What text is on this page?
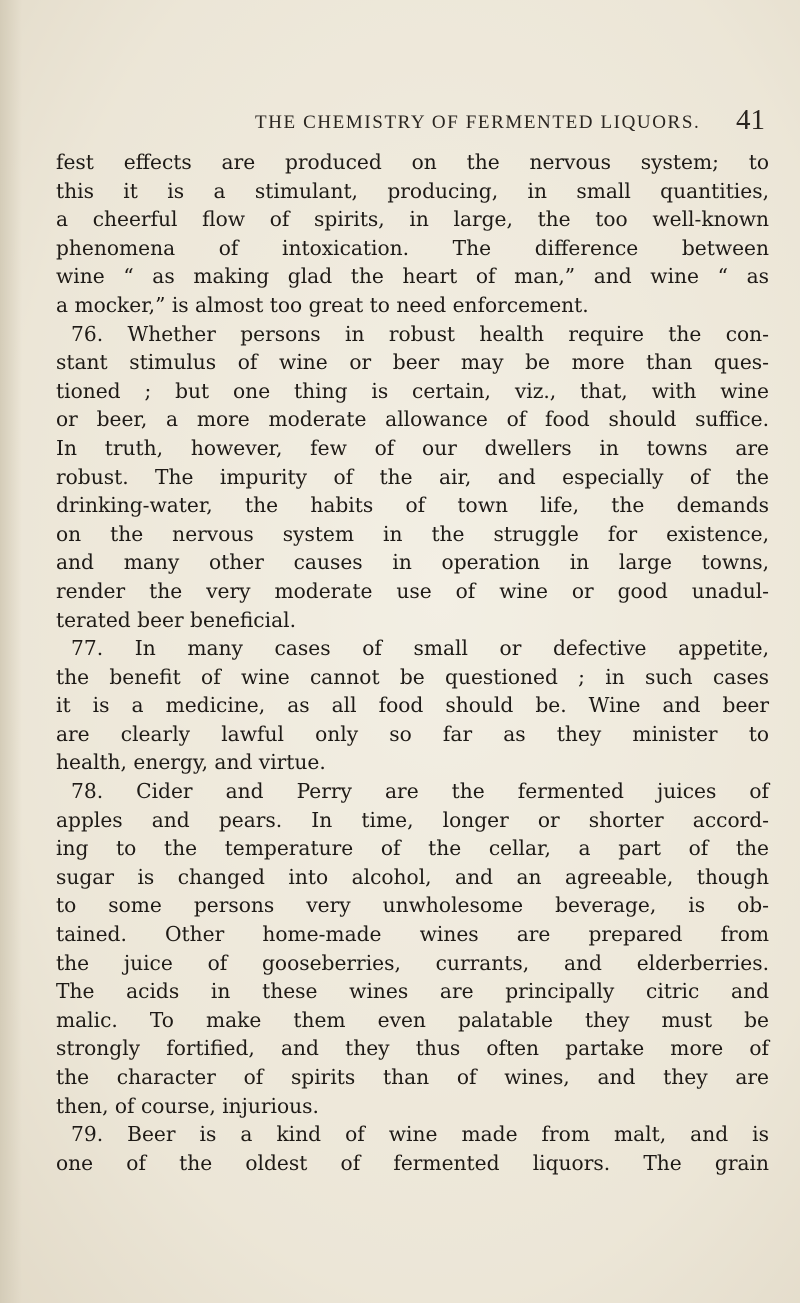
THE CHEMISTRY OF FERMENTED LIQUORS. 41
fest effects are produced on the nervous system; to
this it is a stimulant, producing, in small quantities,
a cheerful flow of spirits, in large, the too well-known
phenomena of intoxication. The difference between
wine “ as making glad the heart of man,” and wine “ as
a mocker,” is almost too great to need enforcement.
76. Whether persons in robust health require the con-
stant stimulus of wine or beer may be more than ques-
tioned ; but one thing is certain, viz., that, with wine
or beer, a more moderate allowance of food should suffice.
In truth, however, few of our dwellers in towns are
robust. The impurity of the air, and especially of the
drinking-water, the habits of town life, the demands
on the nervous system in the struggle for existence,
and many other causes in operation in large towns,
render the very moderate use of wine or good unadul-
terated beer beneficial.
77. In many cases of small or defective appetite,
the benefit of wine cannot be questioned ; in such cases
it is a medicine, as all food should be. Wine and beer
are clearly lawful only so far as they minister to
health, energy, and virtue.
78. Cider and Perry are the fermented juices of
apples and pears. In time, longer or shorter accord-
ing to the temperature of the cellar, a part of the
sugar is changed into alcohol, and an agreeable, though
to some persons very unwholesome beverage, is ob-
tained. Other home-made wines are prepared from
the juice of gooseberries, currants, and elderberries.
The acids in these wines are principally citric and
malic. To make them even palatable they must be
strongly fortified, and they thus often partake more of
the character of spirits than of wines, and they are
then, of course, injurious.
79. Beer is a kind of wine made from malt, and is
one of the oldest of fermented liquors. The grain
